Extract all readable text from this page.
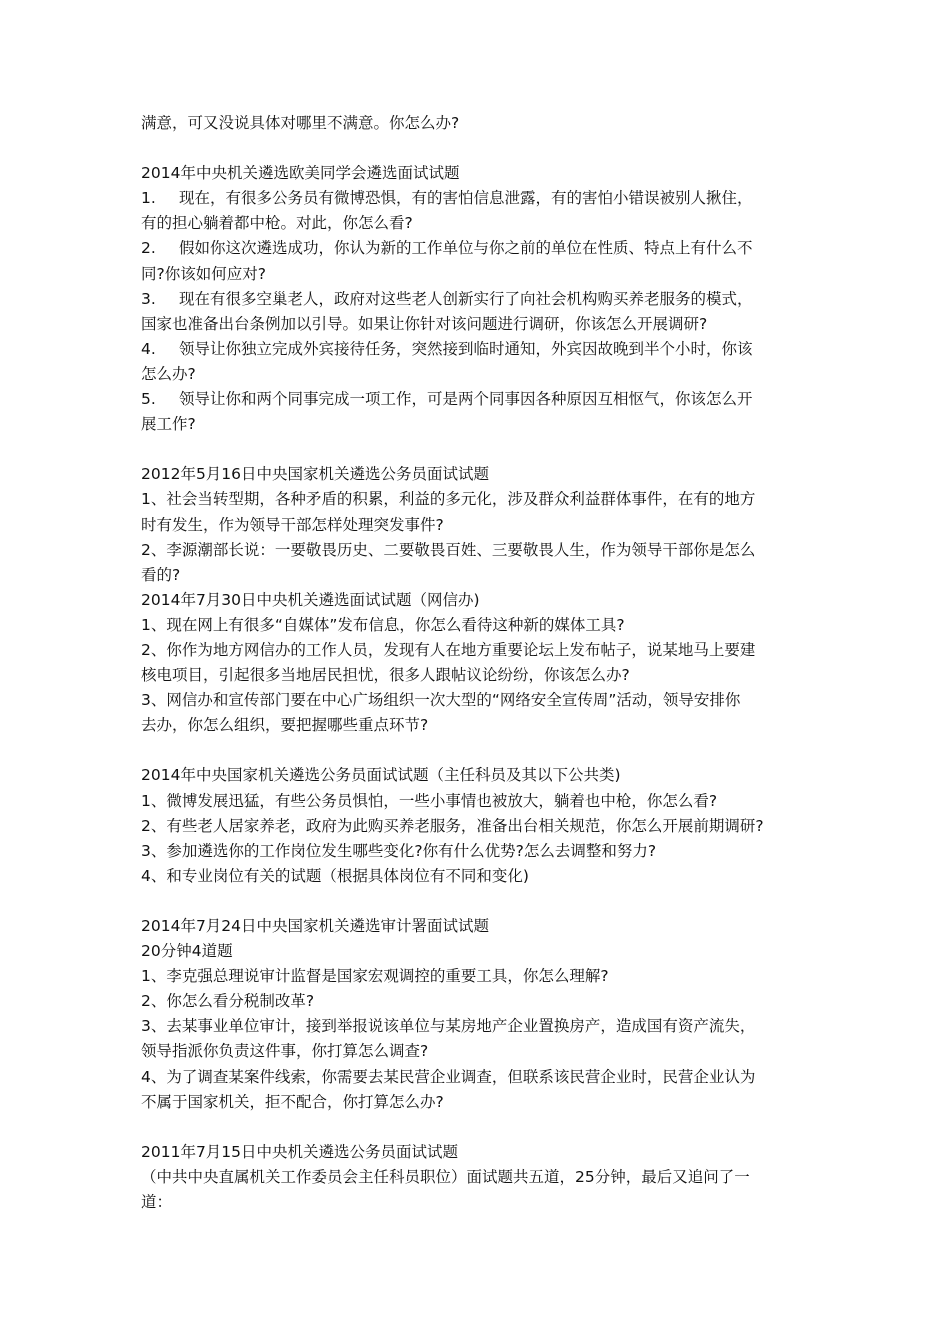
满意，可又没说具体对哪里不满意。你怎么办?
2014年中央机关遴选欧美同学会遴选面试试题
1. 现在，有很多公务员有微博恐惧，有的害怕信息泄露，有的害怕小错误被别人揪住，
有的担心躺着都中枪。对此，你怎么看?
2. 假如你这次遴选成功，你认为新的工作单位与你之前的单位在性质、特点上有什么不
同?你该如何应对?
3. 现在有很多空巢老人，政府对这些老人创新实行了向社会机构购买养老服务的模式，
国家也准备出台条例加以引导。如果让你针对该问题进行调研，你该怎么开展调研?
4. 领导让你独立完成外宾接待任务，突然接到临时通知，外宾因故晚到半个小时，你该
怎么办?
5. 领导让你和两个同事完成一项工作，可是两个同事因各种原因互相怄气，你该怎么开
展工作?
2012年5月16日中央国家机关遴选公务员面试试题
1、社会当转型期，各种矛盾的积累，利益的多元化，涉及群众利益群体事件，在有的地方
时有发生，作为领导干部怎样处理突发事件?
2、李源潮部长说：一要敬畏历史、二要敬畏百姓、三要敬畏人生，作为领导干部你是怎么
看的?
2014年7月30日中央机关遴选面试试题（网信办)
1、现在网上有很多“自媒体”发布信息，你怎么看待这种新的媒体工具?
2、你作为地方网信办的工作人员，发现有人在地方重要论坛上发布帖子，说某地马上要建
核电项目，引起很多当地居民担忧，很多人跟帖议论纷纷，你该怎么办?
3、网信办和宣传部门要在中心广场组织一次大型的“网络安全宣传周”活动，领导安排你
去办，你怎么组织，要把握哪些重点环节?
2014年中央国家机关遴选公务员面试试题（主任科员及其以下公共类)
1、微博发展迅猛，有些公务员惧怕，一些小事情也被放大，躺着也中枪，你怎么看?
2、有些老人居家养老，政府为此购买养老服务，准备出台相关规范，你怎么开展前期调研?
3、参加遴选你的工作岗位发生哪些变化?你有什么优势?怎么去调整和努力?
4、和专业岗位有关的试题（根据具体岗位有不同和变化)
2014年7月24日中央国家机关遴选审计署面试试题
20分钟4道题
1、李克强总理说审计监督是国家宏观调控的重要工具，你怎么理解?
2、你怎么看分税制改革?
3、去某事业单位审计，接到举报说该单位与某房地产企业置换房产，造成国有资产流失，
领导指派你负责这件事，你打算怎么调查?
4、为了调查某案件线索，你需要去某民营企业调查，但联系该民营企业时，民营企业认为
不属于国家机关，拒不配合，你打算怎么办?
2011年7月15日中央机关遴选公务员面试试题
（中共中央直属机关工作委员会主任科员职位）面试题共五道，25分钟，最后又追问了一
道：
